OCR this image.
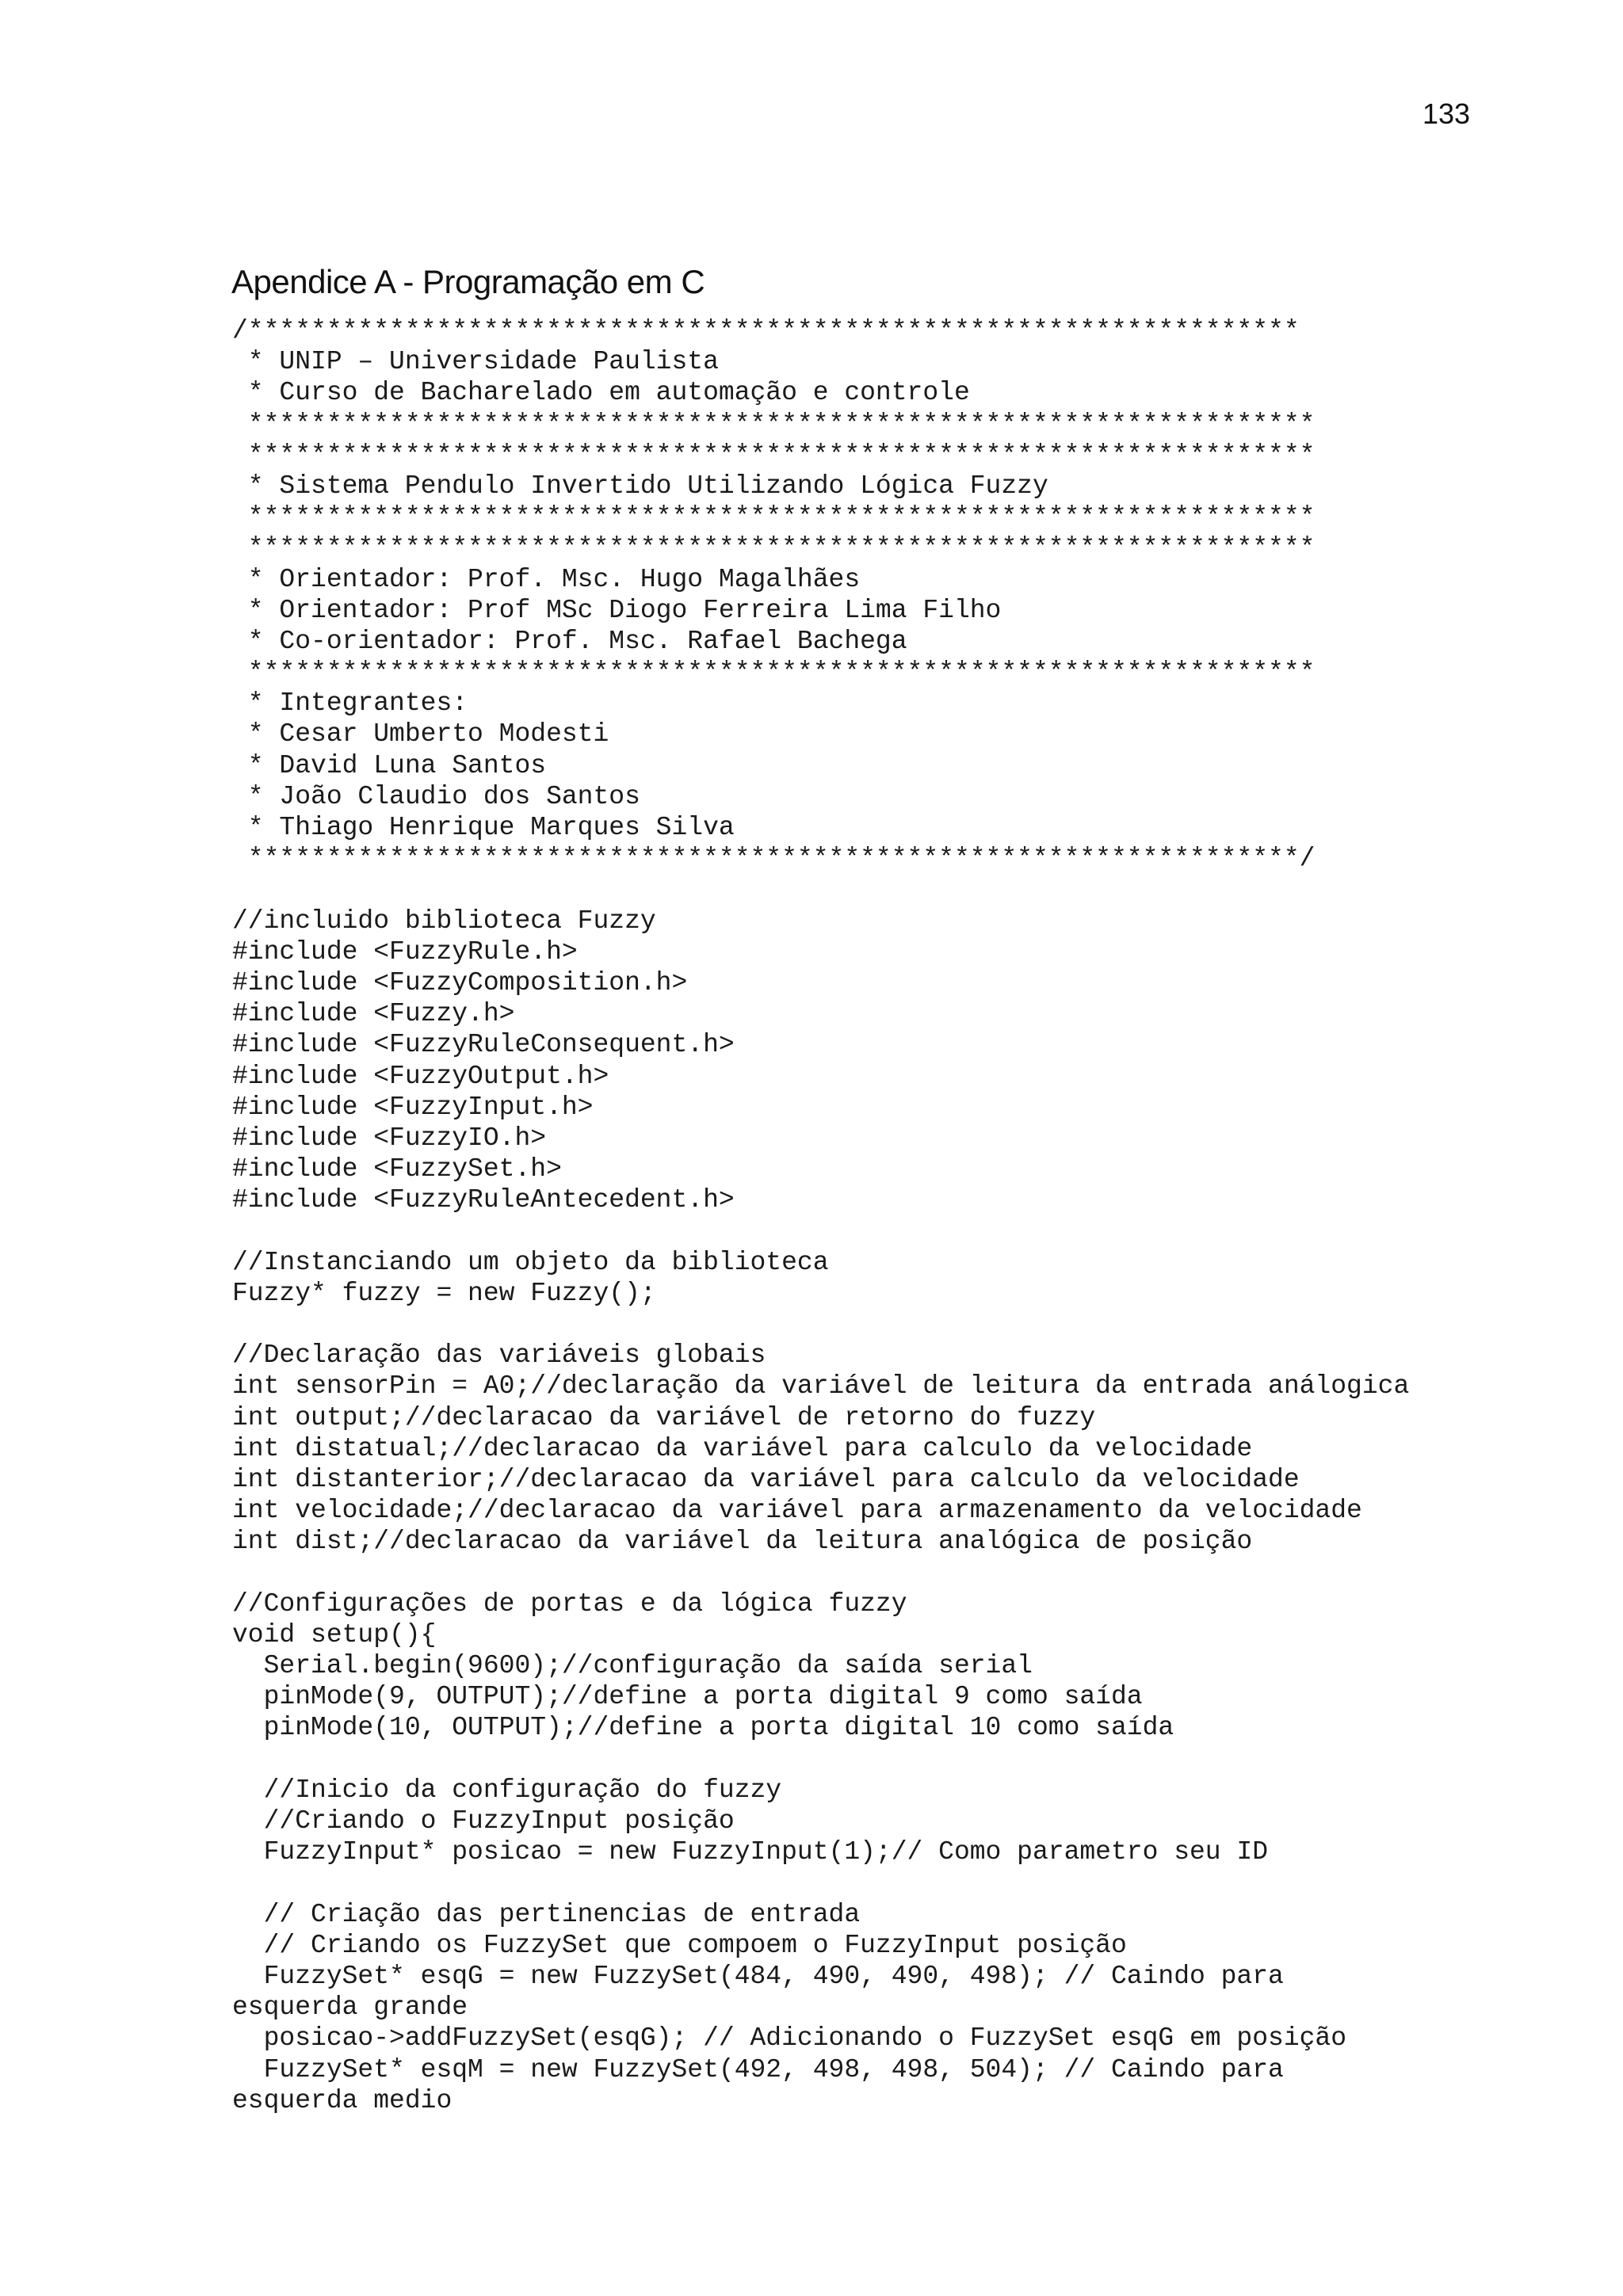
133
Apendice A - Programação em C
/*******************************************************************
* UNIP – Universidade Paulista
* Curso de Bacharelado em automação e controle
********************************************************************
********************************************************************
* Sistema Pendulo Invertido Utilizando Lógica Fuzzy
********************************************************************
********************************************************************
* Orientador: Prof. Msc. Hugo Magalhães
* Orientador: Prof MSc Diogo Ferreira Lima Filho
* Co-orientador: Prof. Msc. Rafael Bachega
********************************************************************
* Integrantes:
* Cesar Umberto Modesti
* David Luna Santos
* João Claudio dos Santos
* Thiago Henrique Marques Silva
*******************************************************************/
//incluido biblioteca Fuzzy
#include <FuzzyRule.h>
#include <FuzzyComposition.h>
#include <Fuzzy.h>
#include <FuzzyRuleConsequent.h>
#include <FuzzyOutput.h>
#include <FuzzyInput.h>
#include <FuzzyIO.h>
#include <FuzzySet.h>
#include <FuzzyRuleAntecedent.h>
//Instanciando um objeto da biblioteca
Fuzzy* fuzzy = new Fuzzy();
//Declaração das variáveis globais
int sensorPin = A0;//declaração da variável de leitura da entrada análogica
int output;//declaracao da variável de retorno do fuzzy
int distatual;//declaracao da variável para calculo da velocidade
int distanterior;//declaracao da variável para calculo da velocidade
int velocidade;//declaracao da variável para armazenamento da velocidade
int dist;//declaracao da variável da leitura analógica de posição
//Configurações de portas e da lógica fuzzy
void setup(){
Serial.begin(9600);//configuração da saída serial
pinMode(9, OUTPUT);//define a porta digital 9 como saída
pinMode(10, OUTPUT);//define a porta digital 10 como saída
//Inicio da configuração do fuzzy
//Criando o FuzzyInput posição
FuzzyInput* posicao = new FuzzyInput(1);// Como parametro seu ID
// Criação das pertinencias de entrada
// Criando os FuzzySet que compoem o FuzzyInput posição
FuzzySet* esqG = new FuzzySet(484, 490, 490, 498); // Caindo para
esquerda grande
posicao->addFuzzySet(esqG); // Adicionando o FuzzySet esqG em posição
FuzzySet* esqM = new FuzzySet(492, 498, 498, 504); // Caindo para
esquerda medio
